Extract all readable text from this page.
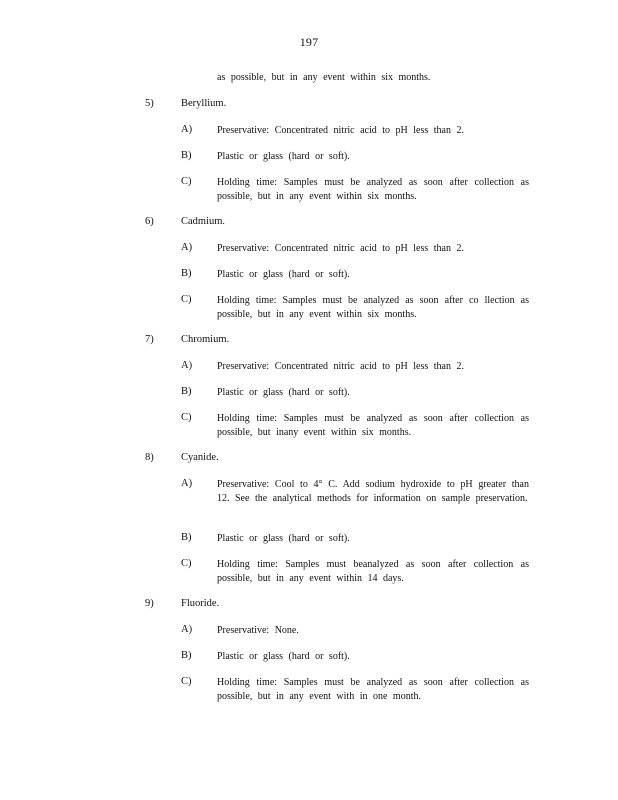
197
as possible, but in any event within six months.
5)	Beryllium.
A) Preservative: Concentrated nitric acid to pH less than 2.
B)	Plastic or glass (hard or soft).
C)	Holding time: Samples must be analyzed as soon after collection as possible, but in any event within six months.
6)	Cadmium.
A) Preservative: Concentrated nitric acid to pH less than 2.
B)	Plastic or glass (hard or soft).
C)	Holding time: Samples must be analyzed as soon after co llection as possible, but in any event within six months.
7)	Chromium.
A) Preservative: Concentrated nitric acid to pH less than 2.
B)	Plastic or glass (hard or soft).
C)	Holding time: Samples must be analyzed as soon after collection as possible, but inany event within six months.
8)	Cyanide.
A) Preservative: Cool to 4° C. Add sodium hydroxide to pH greater than 12. See the analytical methods for information on sample preservation.
B)	Plastic or glass (hard or soft).
C)	Holding time: Samples must beanalyzed as soon after collection as possible, but in any event within 14 days.
9)	Fluoride.
A) Preservative: None.
B)	Plastic or glass (hard or soft).
C)	Holding time: Samples must be analyzed as soon after collection as possible, but in any event with in one month.
